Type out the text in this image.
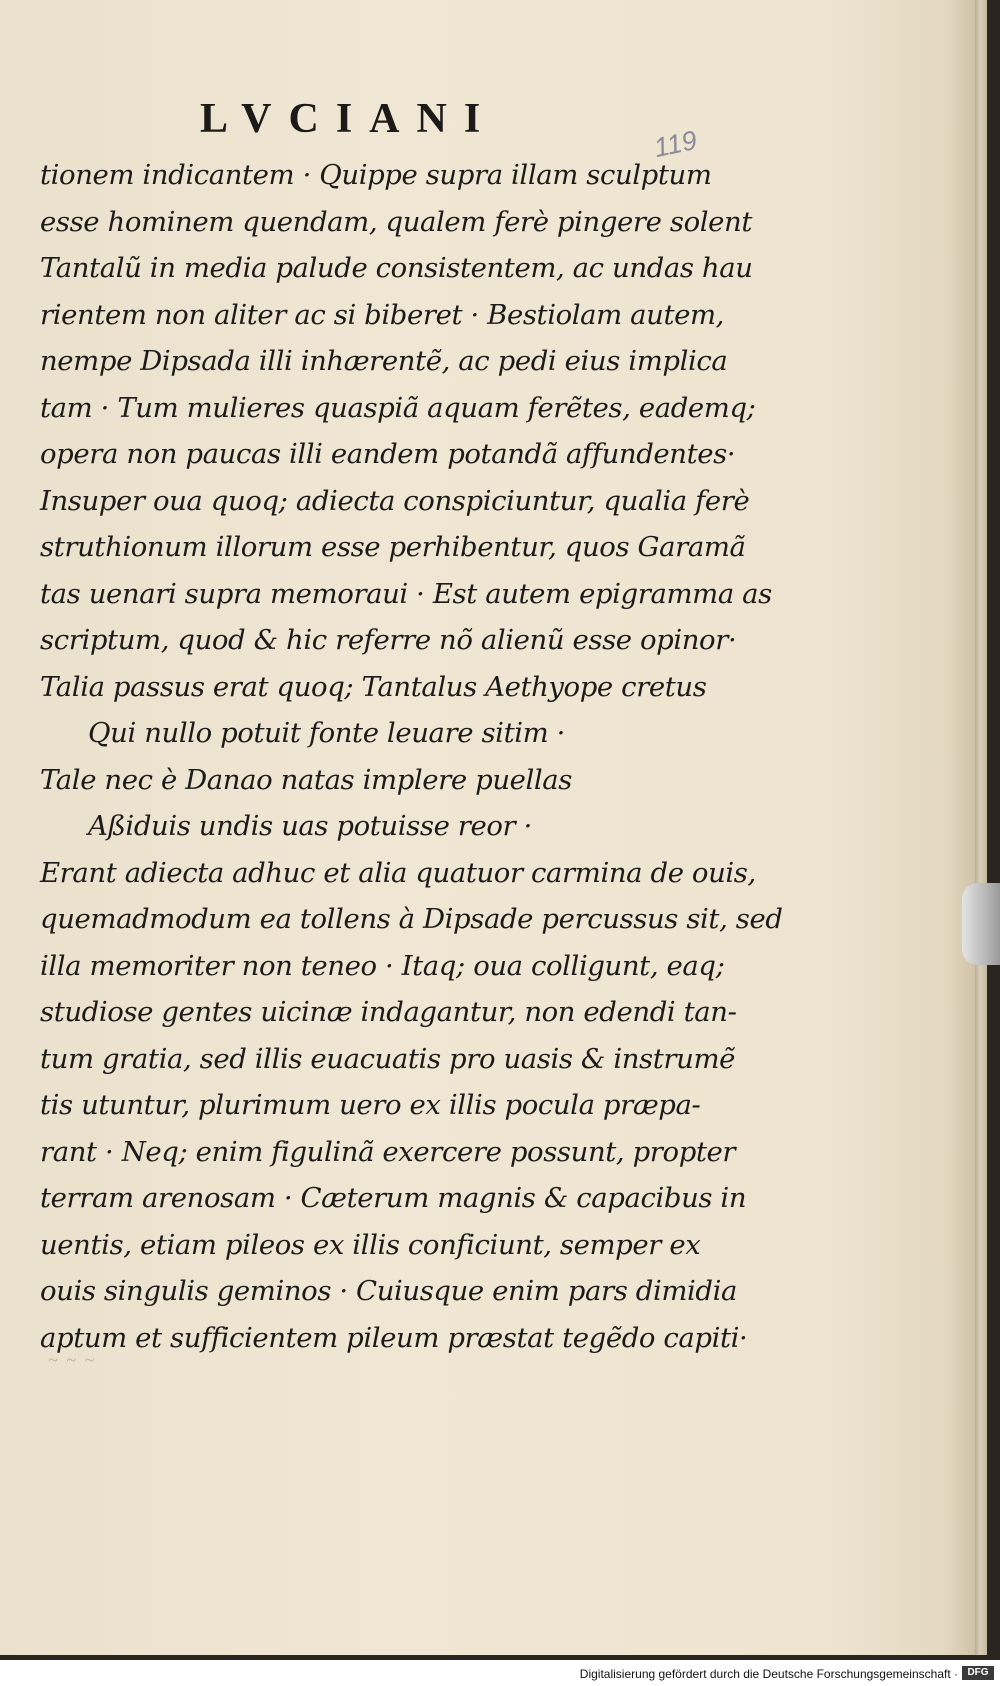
LVCIANI
119
tionem indicantem · Quippe supra illam sculptum
esse hominem quendam, qualem ferè pingere solent
Tantalũ in media palude consistentem, ac undas hau
rientem non aliter ac si biberet · Bestiolam autem,
nempe Dipsada illi inhærentẽ, ac pedi eius implica
tam · Tum mulieres quaspiã aquam ferẽtes, eademq;
opera non paucas illi eandem potandã affundentes·
Insuper oua quoq; adiecta conspiciuntur, qualia ferè
struthionum illorum esse perhibentur, quos Garamã
tas uenari supra memoraui · Est autem epigramma as
scriptum, quod & hic referre nõ alienũ esse opinor·
Talia passus erat quoq; Tantalus Aethyope cretus
Qui nullo potuit fonte leuare sitim ·
Tale nec è Danao natas implere puellas
Aßiduis undis uas potuisse reor ·
Erant adiecta adhuc et alia quatuor carmina de ouis,
quemadmodum ea tollens à Dipsade percussus sit, sed
illa memoriter non teneo · Itaq; oua colligunt, eaq;
studiose gentes uicinæ indagantur, non edendi tan-
tum gratia, sed illis euacuatis pro uasis & instrumẽ
tis utuntur, plurimum uero ex illis pocula præpa-
rant · Neq; enim figulinã exercere possunt, propter
terram arenosam · Cæterum magnis & capacibus in
uentis, etiam pileos ex illis conficiunt, semper ex
ouis singulis geminos · Cuiusque enim pars dimidia
aptum et sufficientem pileum præstat tegẽdo capiti·
~ ~ ~
Digitalisierung gefördert durch die Deutsche Forschungsgemeinschaft · DFG
